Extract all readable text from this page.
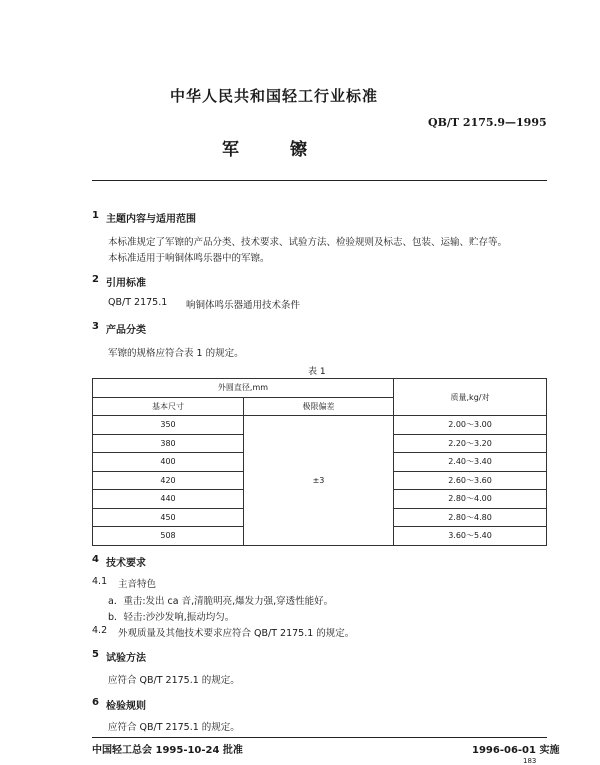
中华人民共和国轻工行业标准
QB/T 2175.9—1995
军	镲
1 主题内容与适用范围
本标准规定了军镲的产品分类、技术要求、试验方法、检验规则及标志、包装、运输、贮存等。
本标准适用于响铜体鸣乐器中的军镲。
2 引用标准
QB/T 2175.1 响铜体鸣乐器通用技术条件
3 产品分类
军镲的规格应符合表 1 的规定。
表 1
外圆直径,mm		质量,kg/对
基本尺寸	极限偏差	
350	±3	2.00～3.00
380		2.20～3.20
400		2.40～3.40
420		2.60～3.60
440		2.80～4.00
450		2.80～4.80
508		3.60～5.40
4 技术要求
4.1 主音特色
a．重击:发出 ca 音,清脆明亮,爆发力强,穿透性能好。
b．轻击:沙沙发响,振动均匀。
4.2 外观质量及其他技术要求应符合 QB/T 2175.1 的规定。
5 试验方法
应符合 QB/T 2175.1 的规定。
6 检验规则
应符合 QB/T 2175.1 的规定。
中国轻工总会 1995-10-24 批准	1996-06-01 实施
183
